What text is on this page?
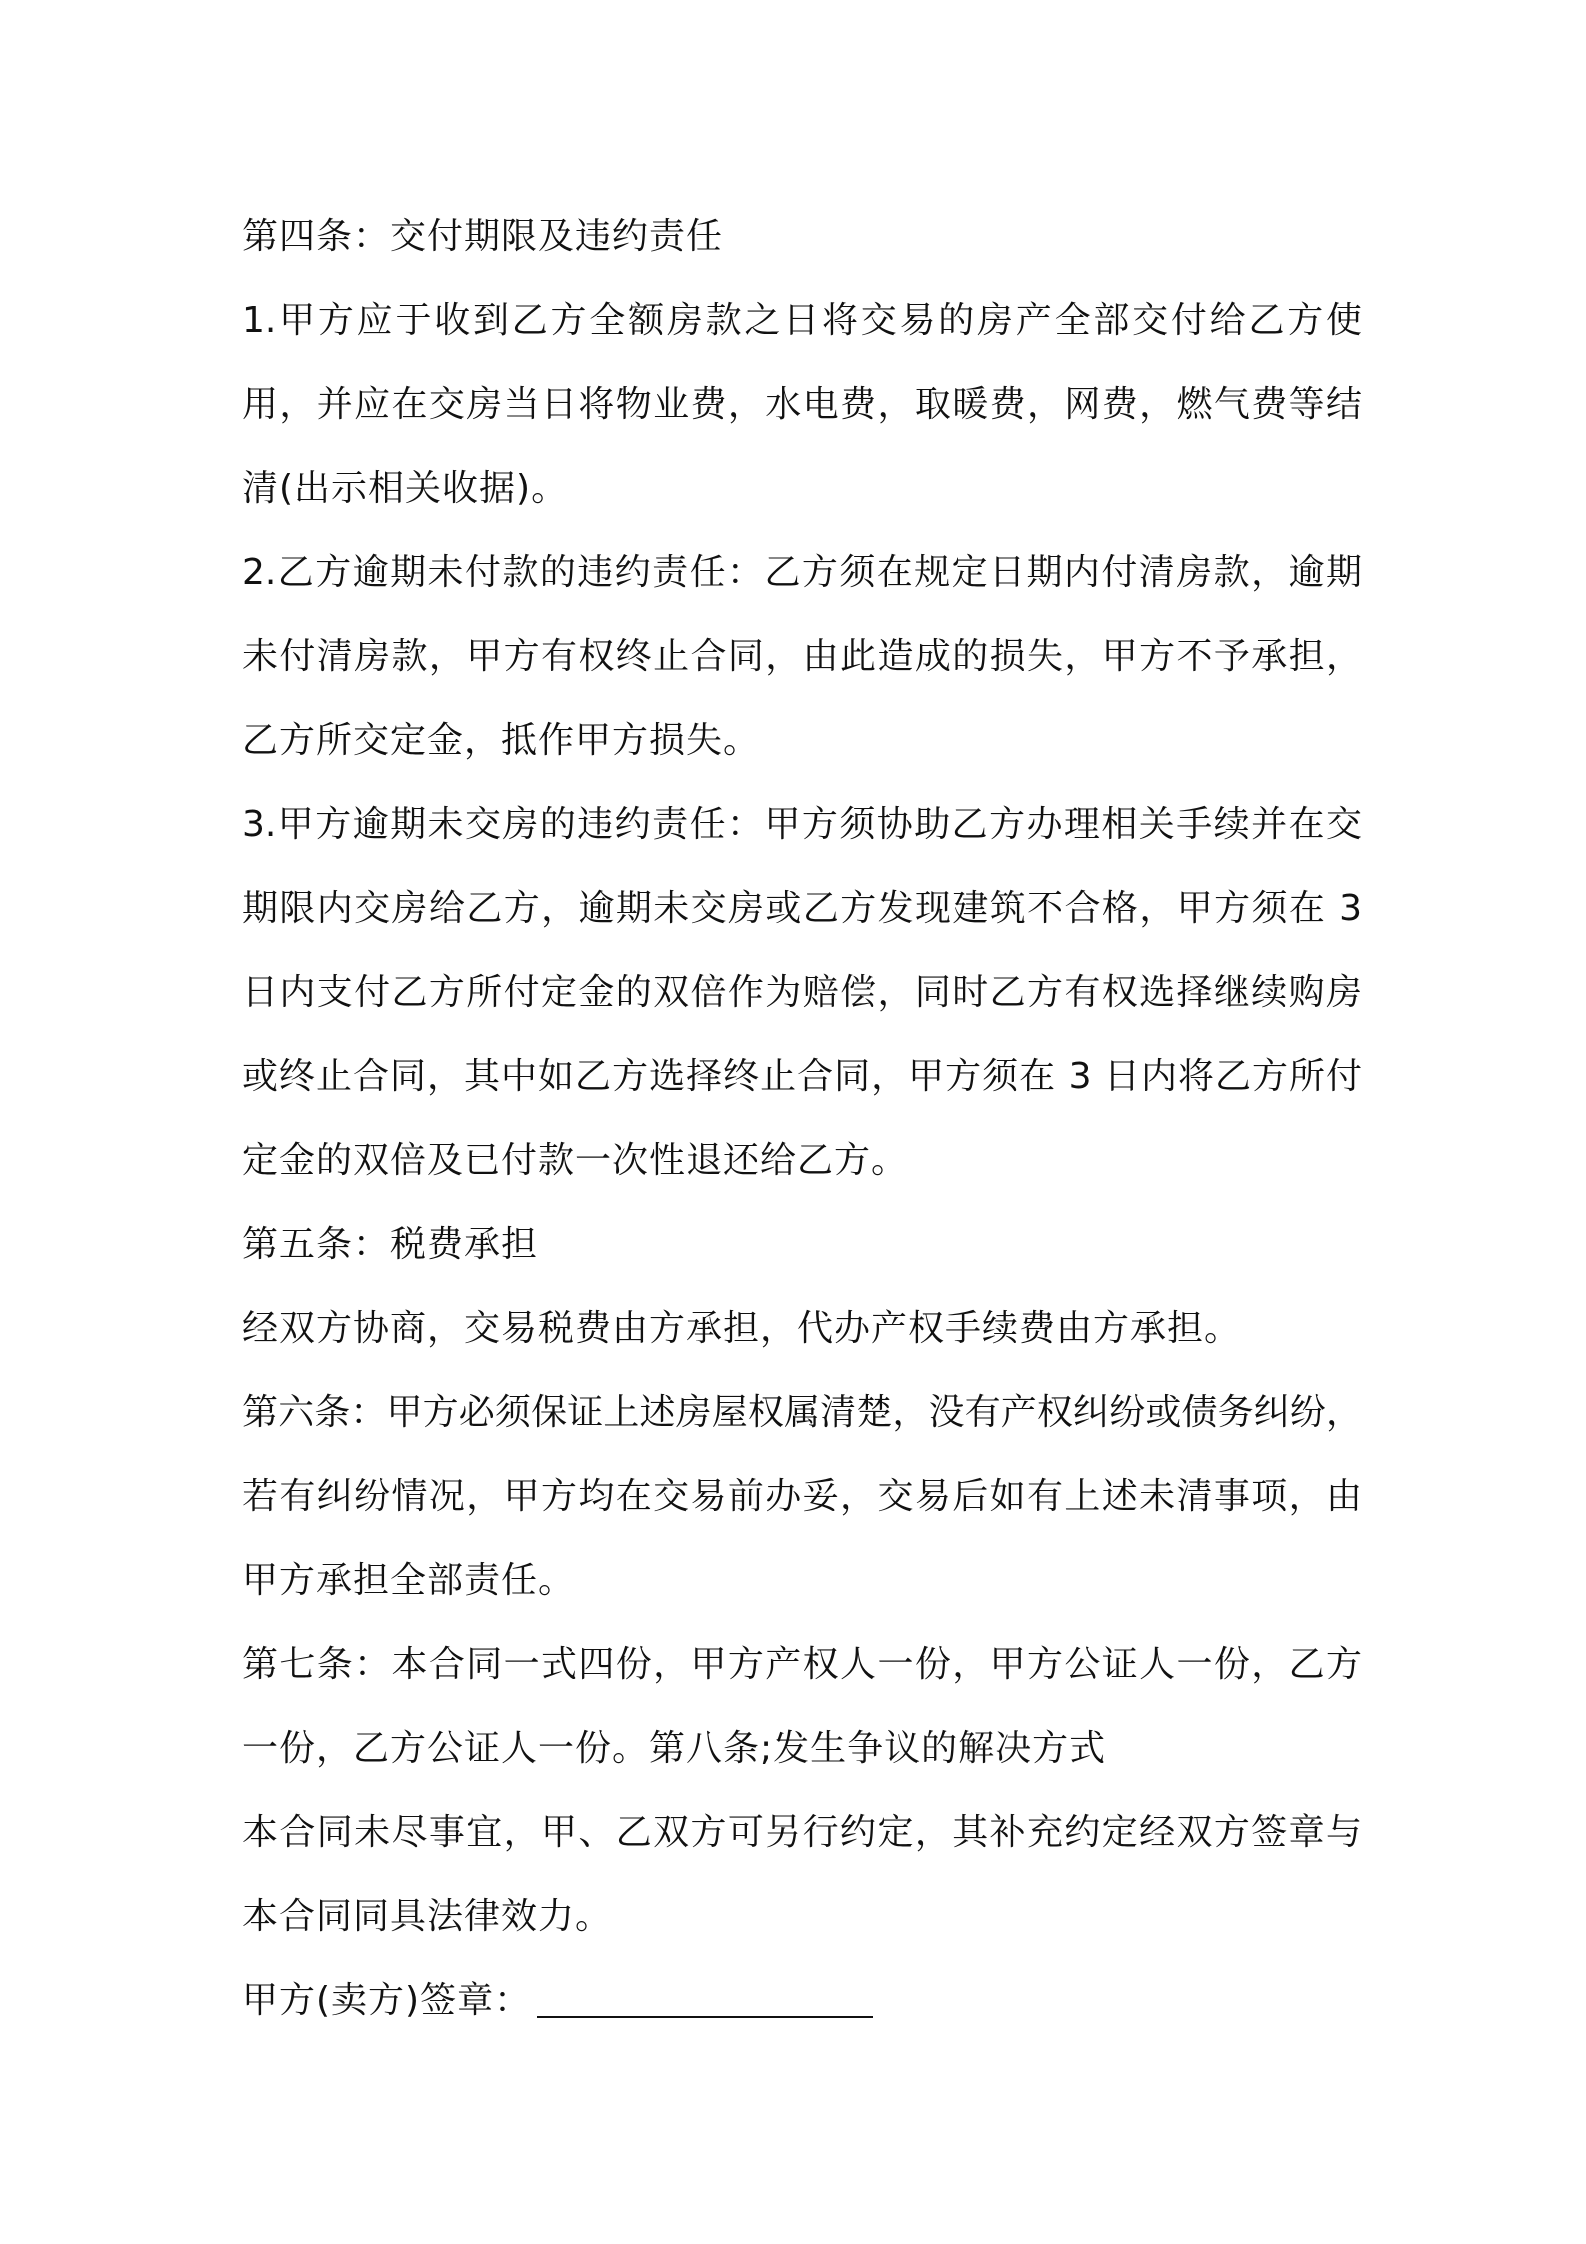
第四条：交付期限及违约责任
1.甲方应于收到乙方全额房款之日将交易的房产全部交付给乙方使
用，并应在交房当日将物业费，水电费，取暖费，网费，燃气费等结
清(出示相关收据)。
2.乙方逾期未付款的违约责任：乙方须在规定日期内付清房款，逾期
未付清房款，甲方有权终止合同，由此造成的损失，甲方不予承担，
乙方所交定金，抵作甲方损失。
3.甲方逾期未交房的违约责任：甲方须协助乙方办理相关手续并在交
期限内交房给乙方，逾期未交房或乙方发现建筑不合格，甲方须在 3
日内支付乙方所付定金的双倍作为赔偿，同时乙方有权选择继续购房
或终止合同，其中如乙方选择终止合同，甲方须在 3 日内将乙方所付
定金的双倍及已付款一次性退还给乙方。
第五条：税费承担
经双方协商，交易税费由方承担，代办产权手续费由方承担。
第六条：甲方必须保证上述房屋权属清楚，没有产权纠纷或债务纠纷，
若有纠纷情况，甲方均在交易前办妥，交易后如有上述未清事项，由
甲方承担全部责任。
第七条：本合同一式四份，甲方产权人一份，甲方公证人一份，乙方
一份，乙方公证人一份。第八条;发生争议的解决方式
本合同未尽事宜，甲、乙双方可另行约定，其补充约定经双方签章与
本合同同具法律效力。
甲方(卖方)签章：
